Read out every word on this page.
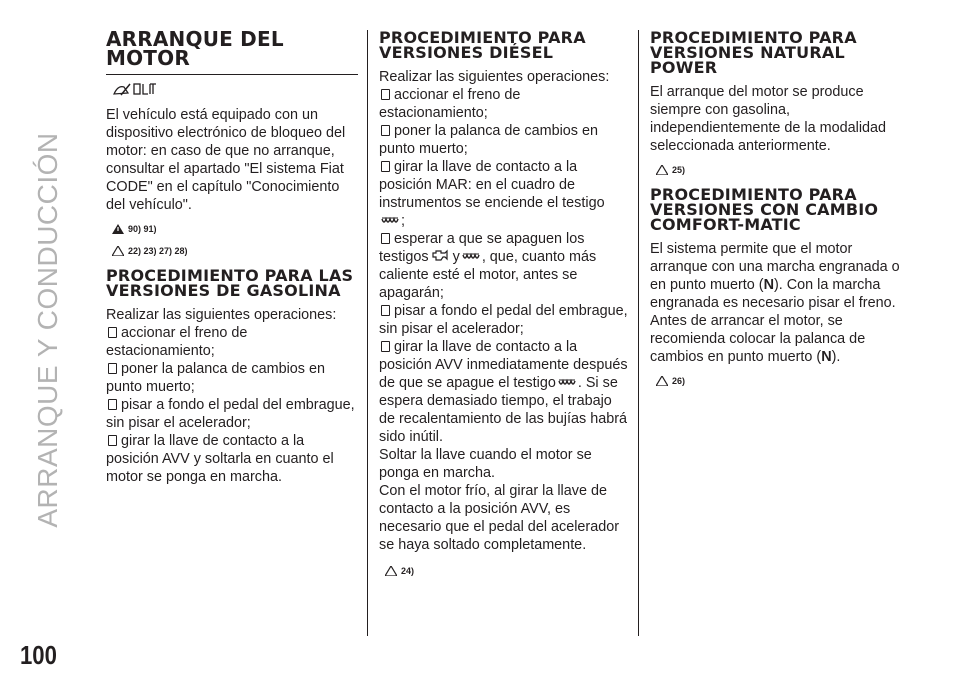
ARRANQUE Y CONDUCCIÓN
100
ARRANQUE DEL MOTOR

El vehículo está equipado con un dispositivo electrónico de bloqueo del motor: en caso de que no arranque, consultar el apartado "El sistema Fiat CODE" en el capítulo "Conocimiento del vehículo".

90) 91)
22) 23) 27) 28)
PROCEDIMIENTO PARA LAS VERSIONES DE GASOLINA

Realizar las siguientes operaciones:

accionar el freno de estacionamiento;

poner la palanca de cambios en punto muerto;

pisar a fondo el pedal del embrague, sin pisar el acelerador;

girar la llave de contacto a la posición AVV y soltarla en cuanto el motor se ponga en marcha.

PROCEDIMIENTO PARA VERSIONES DIÉSEL

Realizar las siguientes operaciones:

accionar el freno de estacionamiento;

poner la palanca de cambios en punto muerto;

girar la llave de contacto a la posición MAR: en el cuadro de instrumentos se enciende el testigo

;

esperar a que se apaguen los testigos y , que, cuanto más caliente esté el motor, antes se apagarán;

pisar a fondo el pedal del embrague, sin pisar el acelerador;

girar la llave de contacto a la posición AVV inmediatamente después de que se apague el testigo . Si se espera demasiado tiempo, el trabajo de recalentamiento de las bujías habrá sido inútil.

Soltar la llave cuando el motor se ponga en marcha.

Con el motor frío, al girar la llave de contacto a la posición AVV, es necesario que el pedal del acelerador se haya soltado completamente.

24)
PROCEDIMIENTO PARA VERSIONES NATURAL POWER

El arranque del motor se produce siempre con gasolina, independientemente de la modalidad seleccionada anteriormente.

25)
PROCEDIMIENTO PARA VERSIONES CON CAMBIO COMFORT-MATIC

El sistema permite que el motor arranque con una marcha engranada o en punto muerto (N). Con la marcha engranada es necesario pisar el freno. Antes de arrancar el motor, se recomienda colocar la palanca de cambios en punto muerto (N).

26)
